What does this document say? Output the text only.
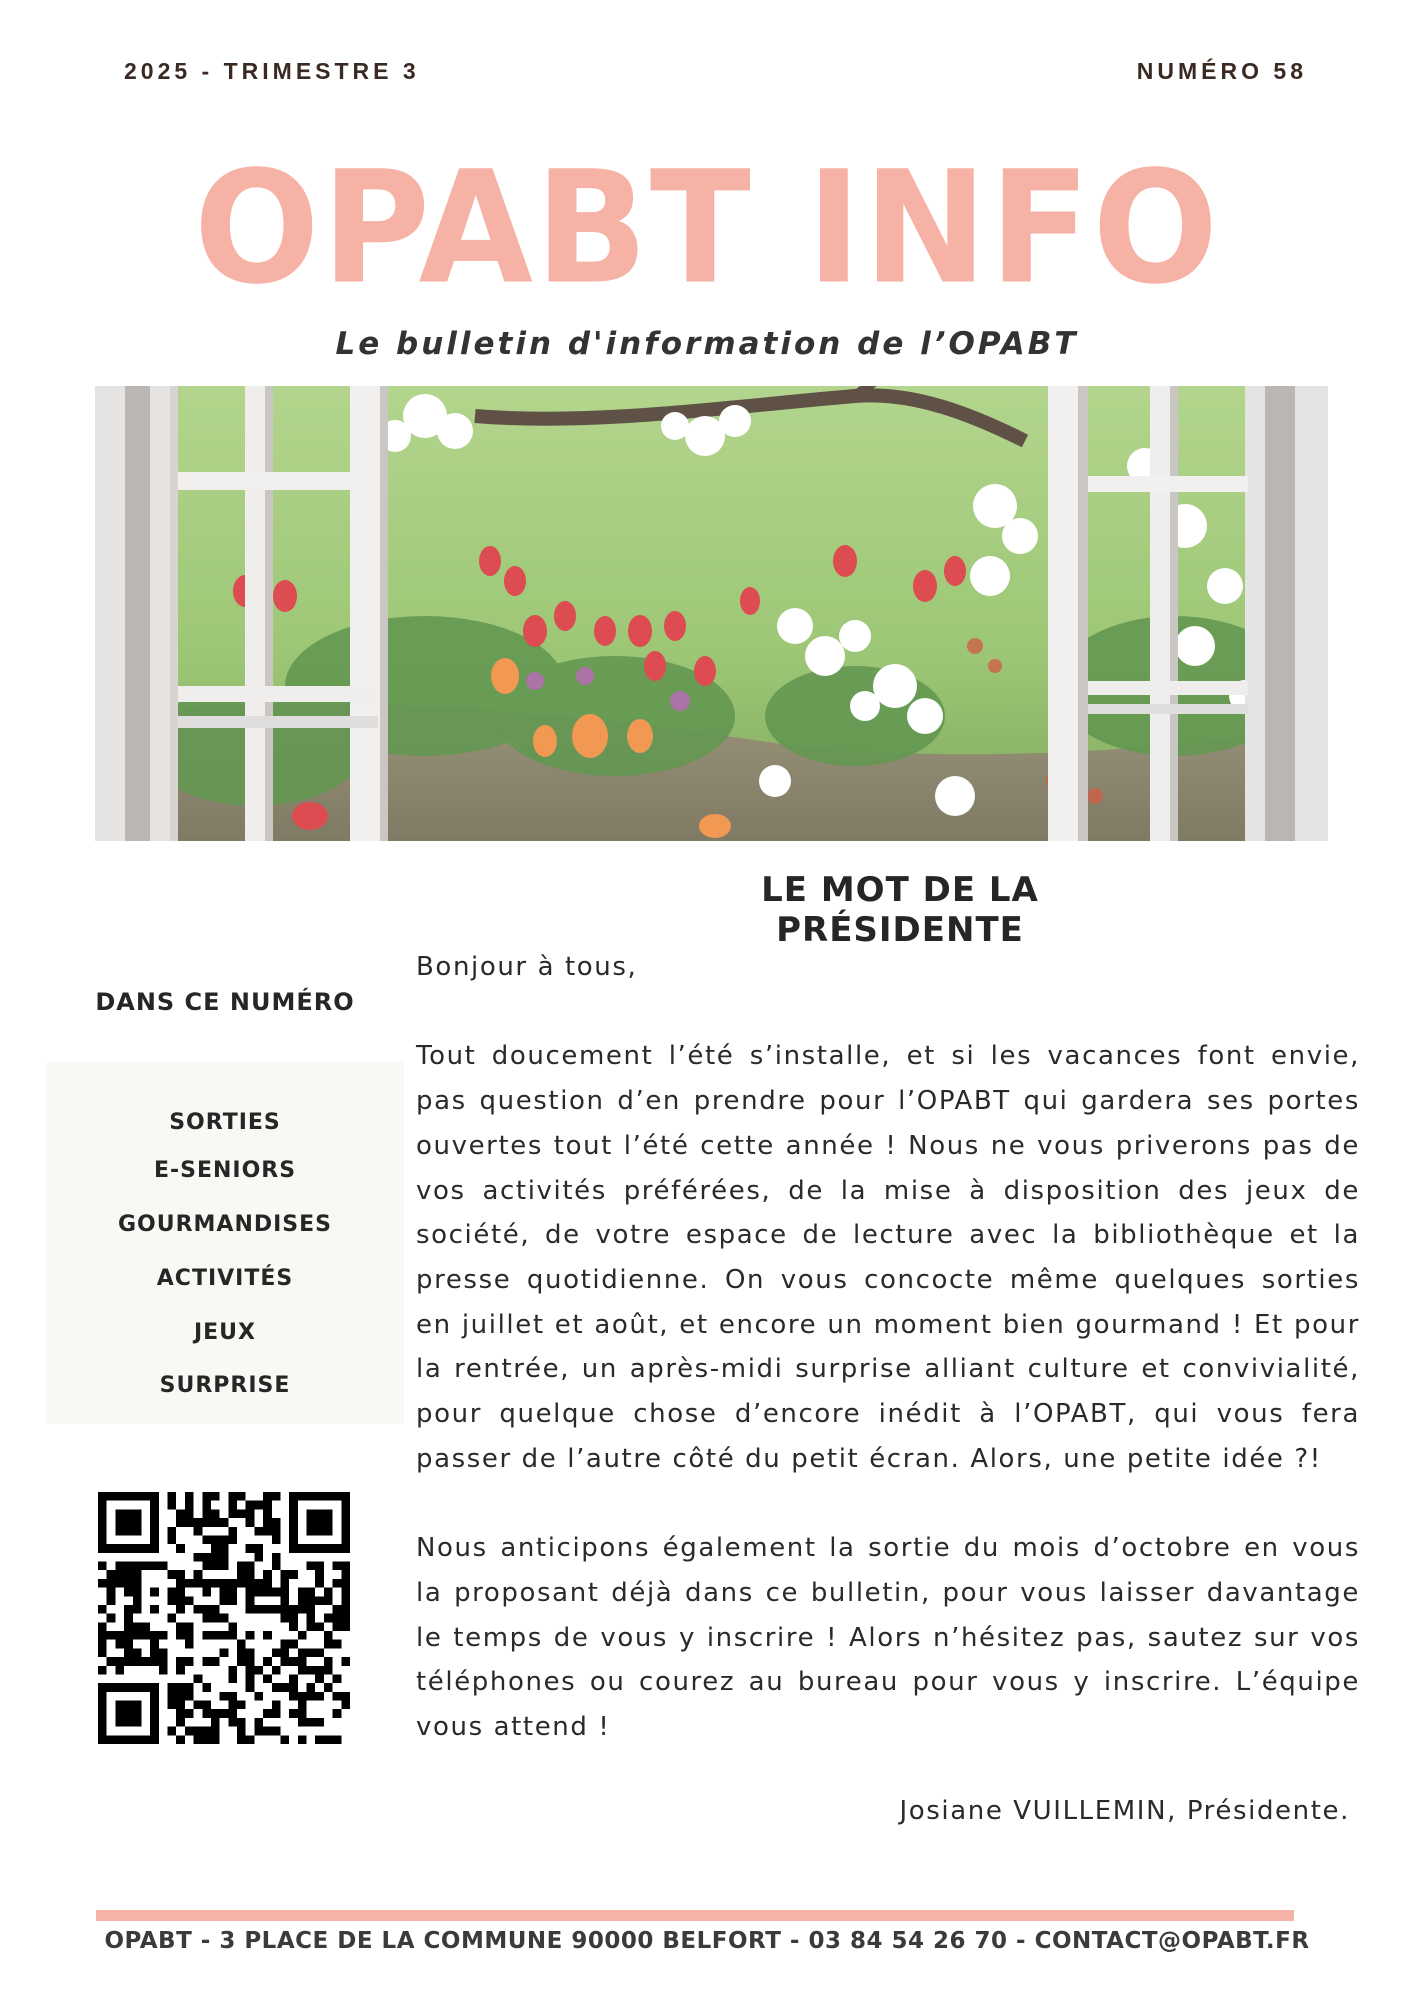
2025 - TRIMESTRE 3	NUMÉRO 58
OPABT INFO
Le bulletin d'information de l’OPABT
LE MOT DE LA PRÉSIDENTE
DANS CE NUMÉRO
SORTIES
E-SENIORS
GOURMANDISES
ACTIVITÉS
JEUX
SURPRISE

Bonjour à tous,

Tout doucement l’été s’installe, et si les vacances font envie, pas question d’en prendre pour l’OPABT qui gardera ses portes ouvertes tout l’été cette année ! Nous ne vous priverons pas de vos activités préférées, de la mise à disposition des jeux de société, de votre espace de lecture avec la bibliothèque et la presse quotidienne. On vous concocte même quelques sorties en juillet et août, et encore un moment bien gourmand ! Et pour la rentrée, un après-midi surprise alliant culture et convivialité, pour quelque chose d’encore inédit à l’OPABT, qui vous fera passer de l’autre côté du petit écran. Alors, une petite idée ?!

Nous anticipons également la sortie du mois d’octobre en vous la proposant déjà dans ce bulletin, pour vous laisser davantage le temps de vous y inscrire ! Alors n’hésitez pas, sautez sur vos téléphones ou courez au bureau pour vous y inscrire. L’équipe vous attend !

Josiane VUILLEMIN, Présidente.
OPABT - 3 PLACE DE LA COMMUNE 90000 BELFORT - 03 84 54 26 70 - CONTACT@OPABT.FR
